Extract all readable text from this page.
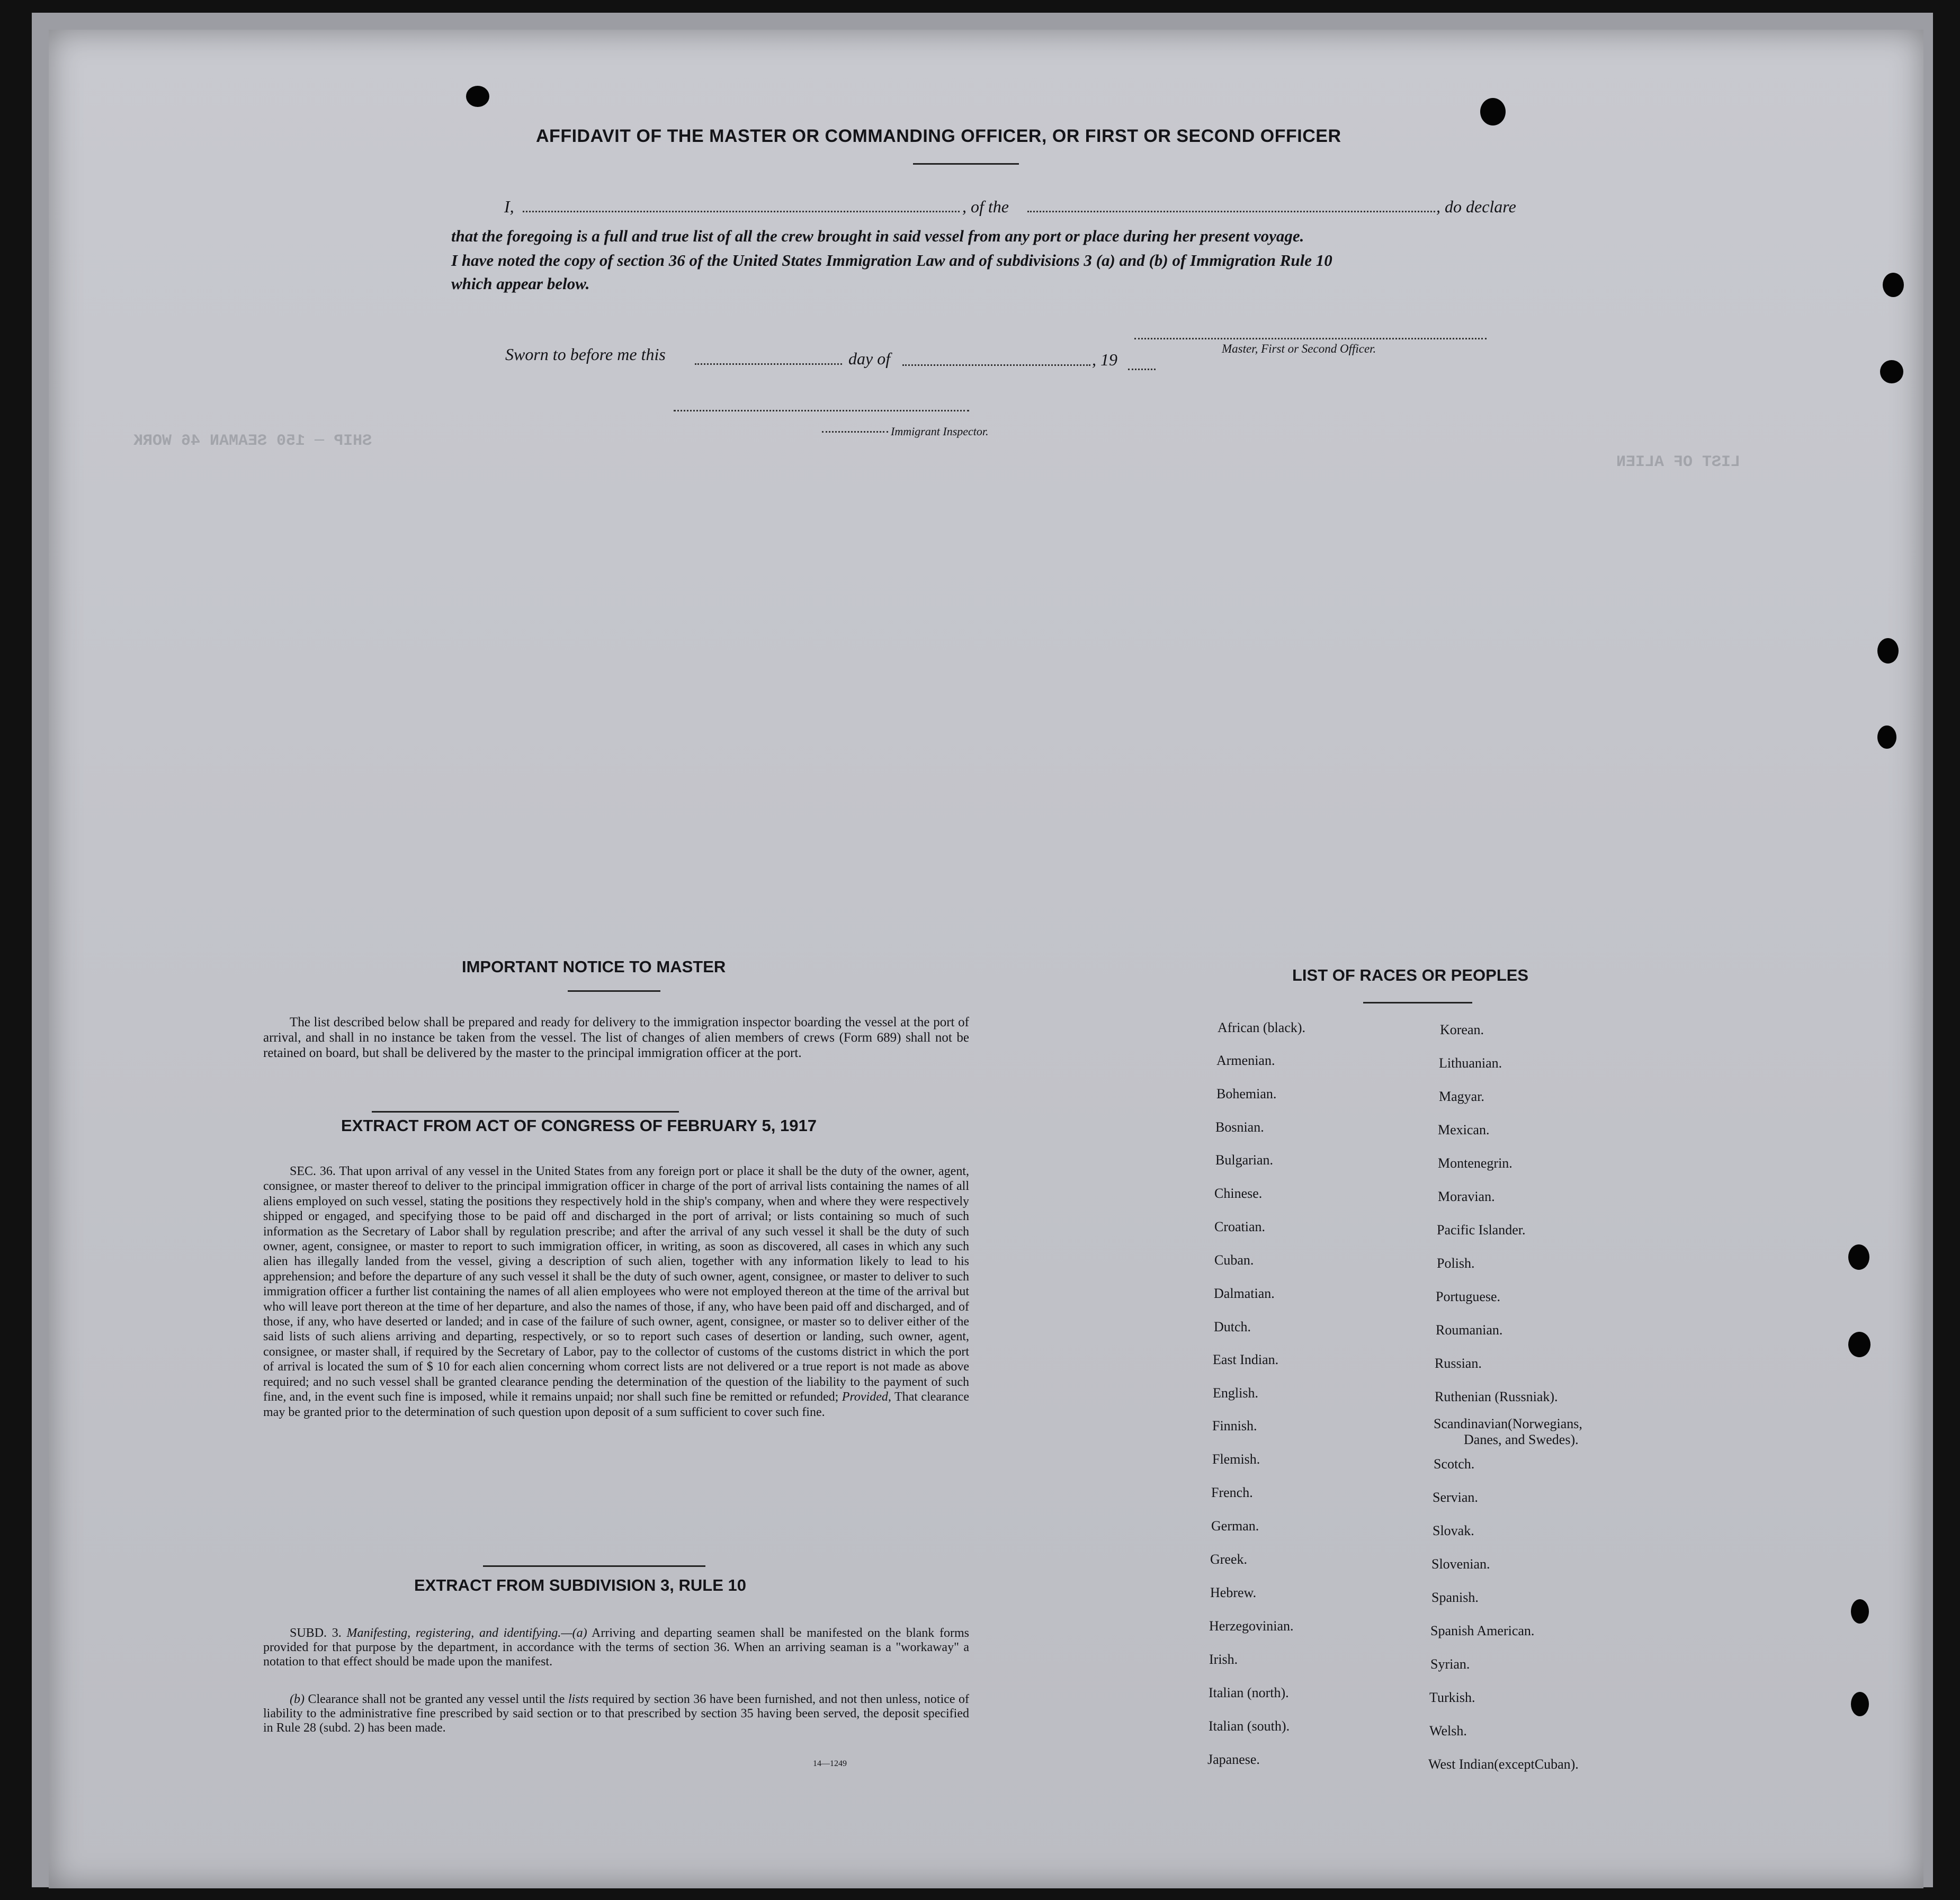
LIST OF ALIEN
SHIP ─ 150 SEAMAN 46 WORK
AFFIDAVIT OF THE MASTER OR COMMANDING OFFICER, OR FIRST OR SECOND OFFICER
I,	, of the	, do declare
that the foregoing is a full and true list of all the crew brought in said vessel from any port or place during her present voyage.
I have noted the copy of section 36 of the United States Immigration Law and of subdivisions 3 (a) and (b) of Immigration Rule 10
which appear below.
Master, First or Second Officer.
Sworn to before me this	day of	, 19
Immigrant Inspector.
IMPORTANT NOTICE TO MASTER
The list described below shall be prepared and ready for delivery to the immigration inspector boarding the vessel at the port of arrival, and shall in no instance be taken from the vessel. The list of changes of alien members of crews (Form 689) shall not be retained on board, but shall be delivered by the master to the principal immigration officer at the port.
EXTRACT FROM ACT OF CONGRESS OF FEBRUARY 5, 1917
SEC. 36. That upon arrival of any vessel in the United States from any foreign port or place it shall be the duty of the owner, agent, consignee, or master thereof to deliver to the principal immigration officer in charge of the port of arrival lists containing the names of all aliens employed on such vessel, stating the positions they respectively hold in the ship's company, when and where they were respectively shipped or engaged, and specifying those to be paid off and discharged in the port of arrival; or lists containing so much of such information as the Secretary of Labor shall by regulation prescribe; and after the arrival of any such vessel it shall be the duty of such owner, agent, consignee, or master to report to such immigration officer, in writing, as soon as discovered, all cases in which any such alien has illegally landed from the vessel, giving a description of such alien, together with any information likely to lead to his apprehension; and before the departure of any such vessel it shall be the duty of such owner, agent, consignee, or master to deliver to such immigration officer a further list containing the names of all alien employees who were not employed thereon at the time of the arrival but who will leave port thereon at the time of her departure, and also the names of those, if any, who have been paid off and discharged, and of those, if any, who have deserted or landed; and in case of the failure of such owner, agent, consignee, or master so to deliver either of the said lists of such aliens arriving and departing, respectively, or so to report such cases of desertion or landing, such owner, agent, consignee, or master shall, if required by the Secretary of Labor, pay to the collector of customs of the customs district in which the port of arrival is located the sum of $ 10 for each alien concerning whom correct lists are not delivered or a true report is not made as above required; and no such vessel shall be granted clearance pending the determination of the question of the liability to the payment of such fine, and, in the event such fine is imposed, while it remains unpaid; nor shall such fine be remitted or refunded; Provided, That clearance may be granted prior to the determination of such question upon deposit of a sum sufficient to cover such fine.
EXTRACT FROM SUBDIVISION 3, RULE 10
SUBD. 3. Manifesting, registering, and identifying.—(a) Arriving and departing seamen shall be manifested on the blank forms provided for that purpose by the department, in accordance with the terms of section 36. When an arriving seaman is a "workaway" a notation to that effect should be made upon the manifest.
(b) Clearance shall not be granted any vessel until the lists required by section 36 have been furnished, and not then unless, notice of liability to the administrative fine prescribed by said section or to that prescribed by section 35 having been served, the deposit specified in Rule 28 (subd. 2) has been made.
14—1249
LIST OF RACES OR PEOPLES
African (black).
Armenian.
Bohemian.
Bosnian.
Bulgarian.
Chinese.
Croatian.
Cuban.
Dalmatian.
Dutch.
East Indian.
English.
Finnish.
Flemish.
French.
German.
Greek.
Hebrew.
Herzegovinian.
Irish.
Italian (north).
Italian (south).
Japanese.
Korean.
Lithuanian.
Magyar.
Mexican.
Montenegrin.
Moravian.
Pacific Islander.
Polish.
Portuguese.
Roumanian.
Russian.
Ruthenian (Russniak).
Scandinavian(Norwegians,
Danes, and Swedes).
Scotch.
Servian.
Slovak.
Slovenian.
Spanish.
Spanish American.
Syrian.
Turkish.
Welsh.
West Indian(exceptCuban).
